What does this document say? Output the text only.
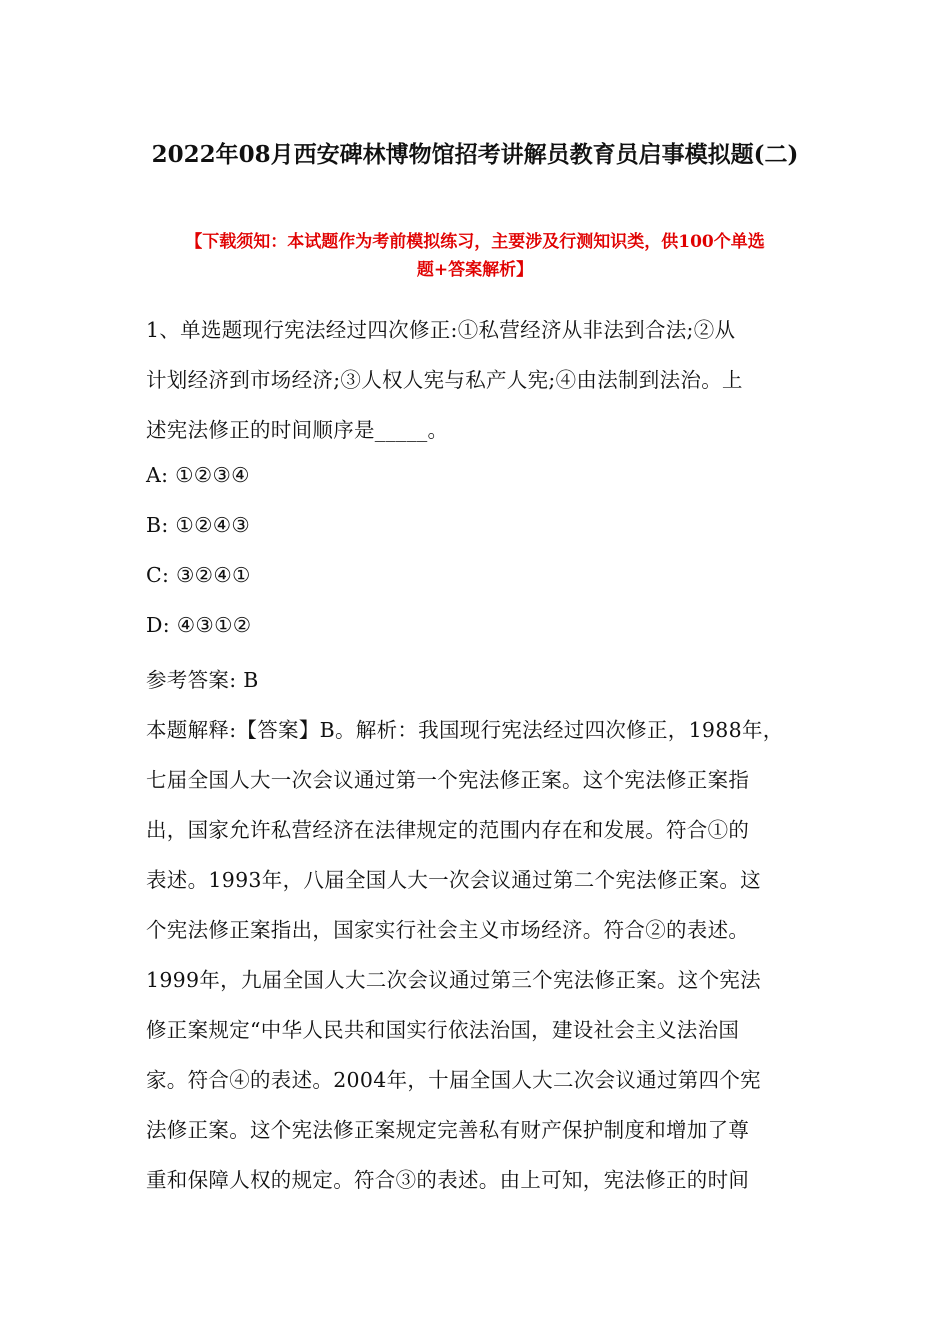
2022年08月西安碑林博物馆招考讲解员教育员启事模拟题(二)
【下载须知：本试题作为考前模拟练习，主要涉及行测知识类，供100个单选
题+答案解析】
1、单选题现行宪法经过四次修正:①私营经济从非法到合法;②从
计划经济到市场经济;③人权人宪与私产人宪;④由法制到法治。上
述宪法修正的时间顺序是_____。
A: ①②③④
B: ①②④③
C: ③②④①
D: ④③①②
参考答案: B
本题解释:【答案】B。解析：我国现行宪法经过四次修正，1988年，
七届全国人大一次会议通过第一个宪法修正案。这个宪法修正案指
出，国家允许私营经济在法律规定的范围内存在和发展。符合①的
表述。1993年，八届全国人大一次会议通过第二个宪法修正案。这
个宪法修正案指出，国家实行社会主义市场经济。符合②的表述。
1999年，九届全国人大二次会议通过第三个宪法修正案。这个宪法
修正案规定“中华人民共和国实行依法治国，建设社会主义法治国
家。符合④的表述。2004年，十届全国人大二次会议通过第四个宪
法修正案。这个宪法修正案规定完善私有财产保护制度和增加了尊
重和保障人权的规定。符合③的表述。由上可知，宪法修正的时间
